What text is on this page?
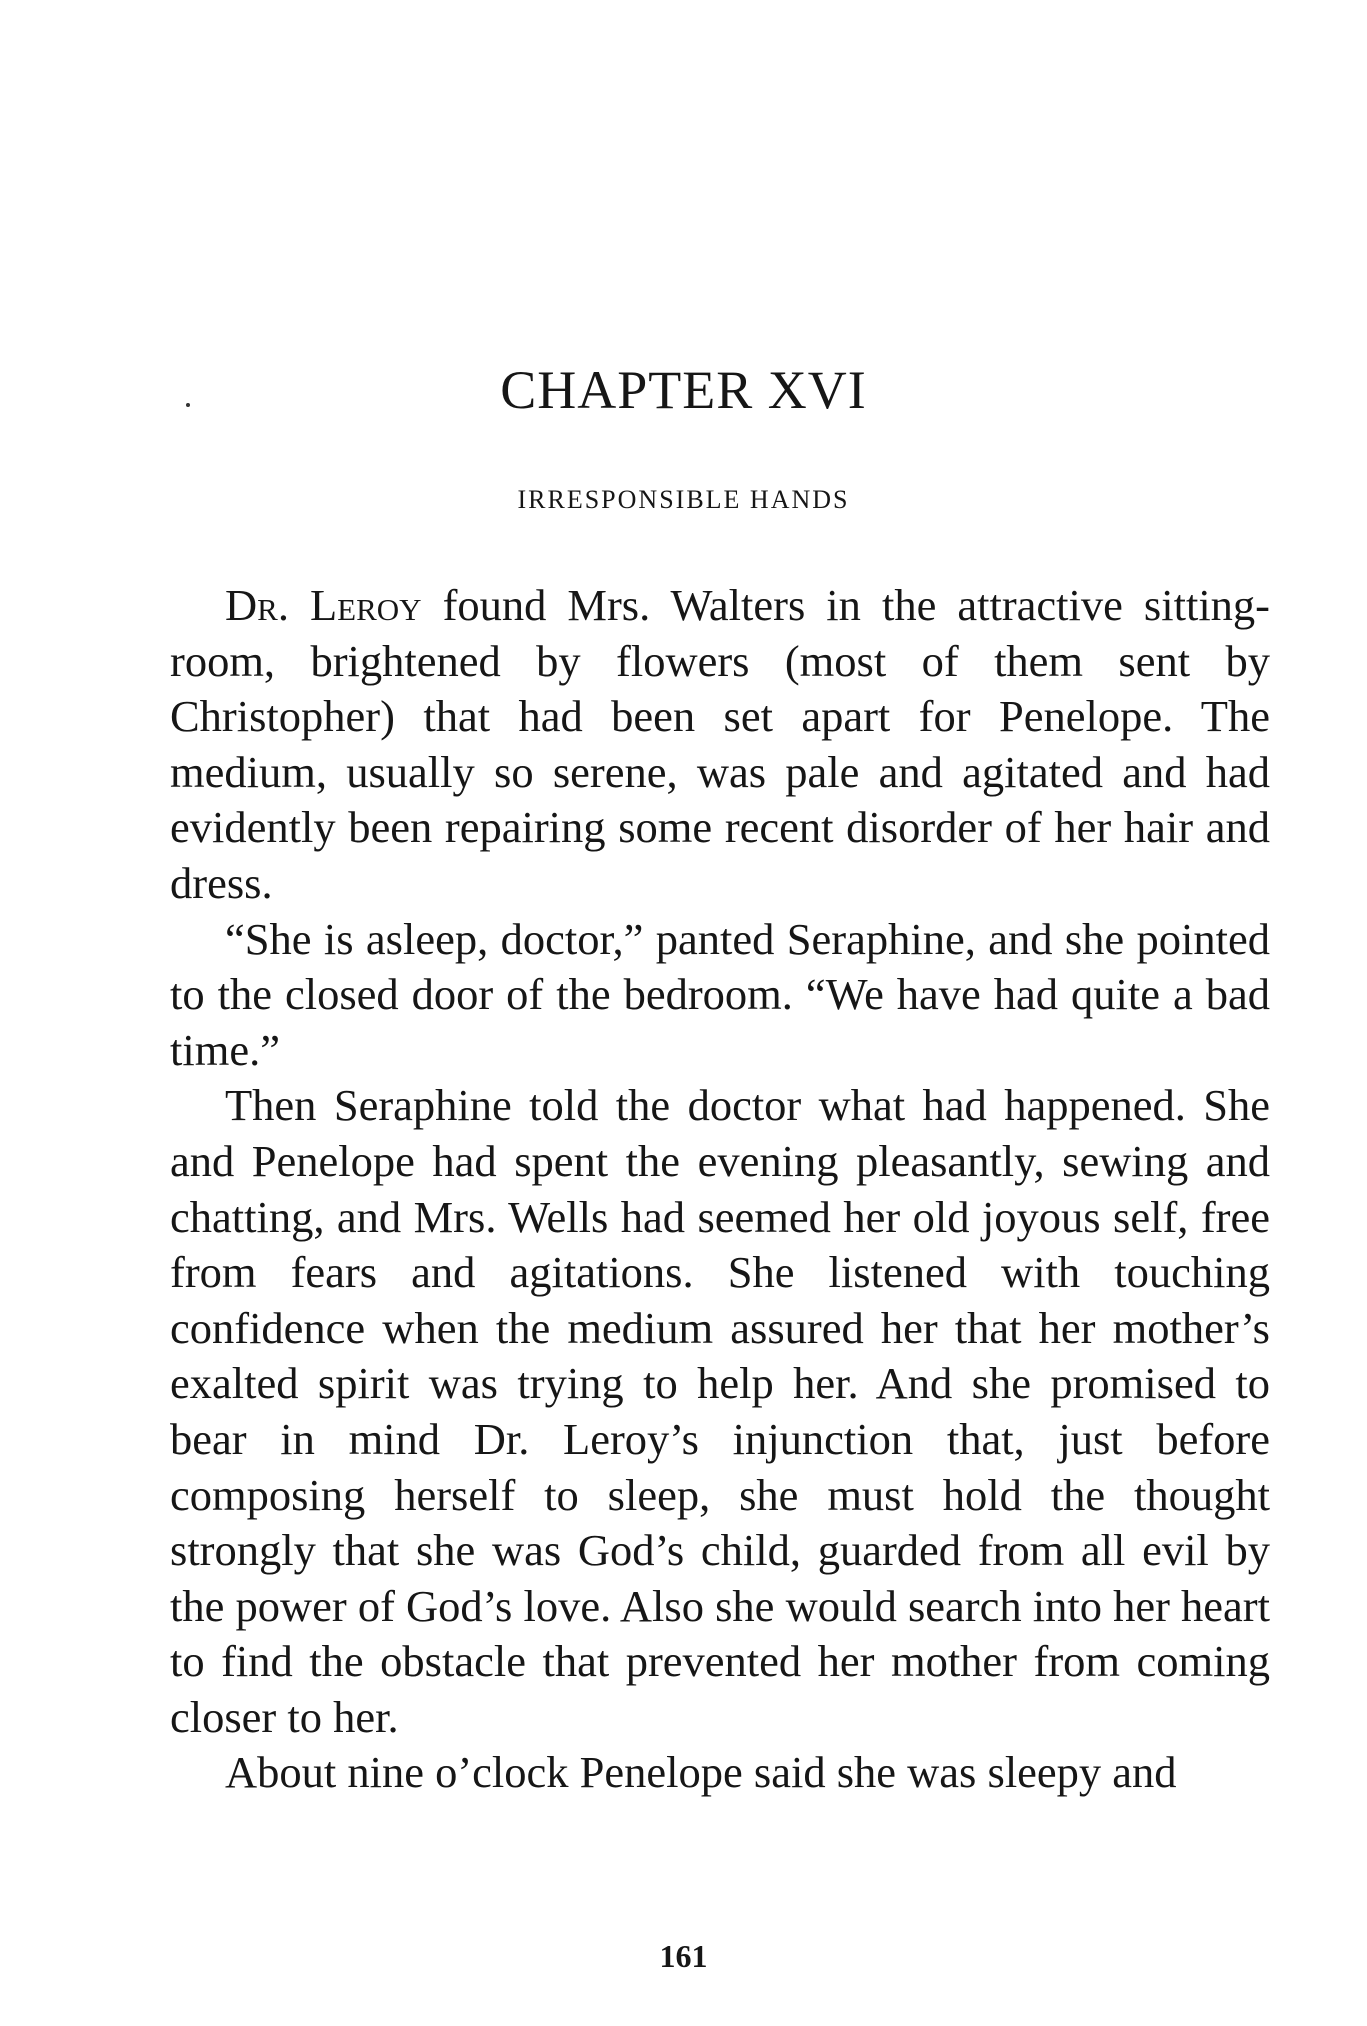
CHAPTER XVI
IRRESPONSIBLE HANDS

Dr. Leroy found Mrs. Walters in the attractive sitting-room, brightened by flowers (most of them sent by Christopher) that had been set apart for Penelope. The medium, usually so serene, was pale and agitated and had evidently been repairing some recent disorder of her hair and dress.

“She is asleep, doctor,” panted Seraphine, and she pointed to the closed door of the bedroom. “We have had quite a bad time.”

Then Seraphine told the doctor what had happened. She and Penelope had spent the evening pleasantly, sewing and chatting, and Mrs. Wells had seemed her old joyous self, free from fears and agitations. She listened with touching confidence when the medium assured her that her mother’s exalted spirit was trying to help her. And she promised to bear in mind Dr. Leroy’s injunction that, just before composing herself to sleep, she must hold the thought strongly that she was God’s child, guarded from all evil by the power of God’s love. Also she would search into her heart to find the obstacle that prevented her mother from coming closer to her.

About nine o’clock Penelope said she was sleepy and

161
